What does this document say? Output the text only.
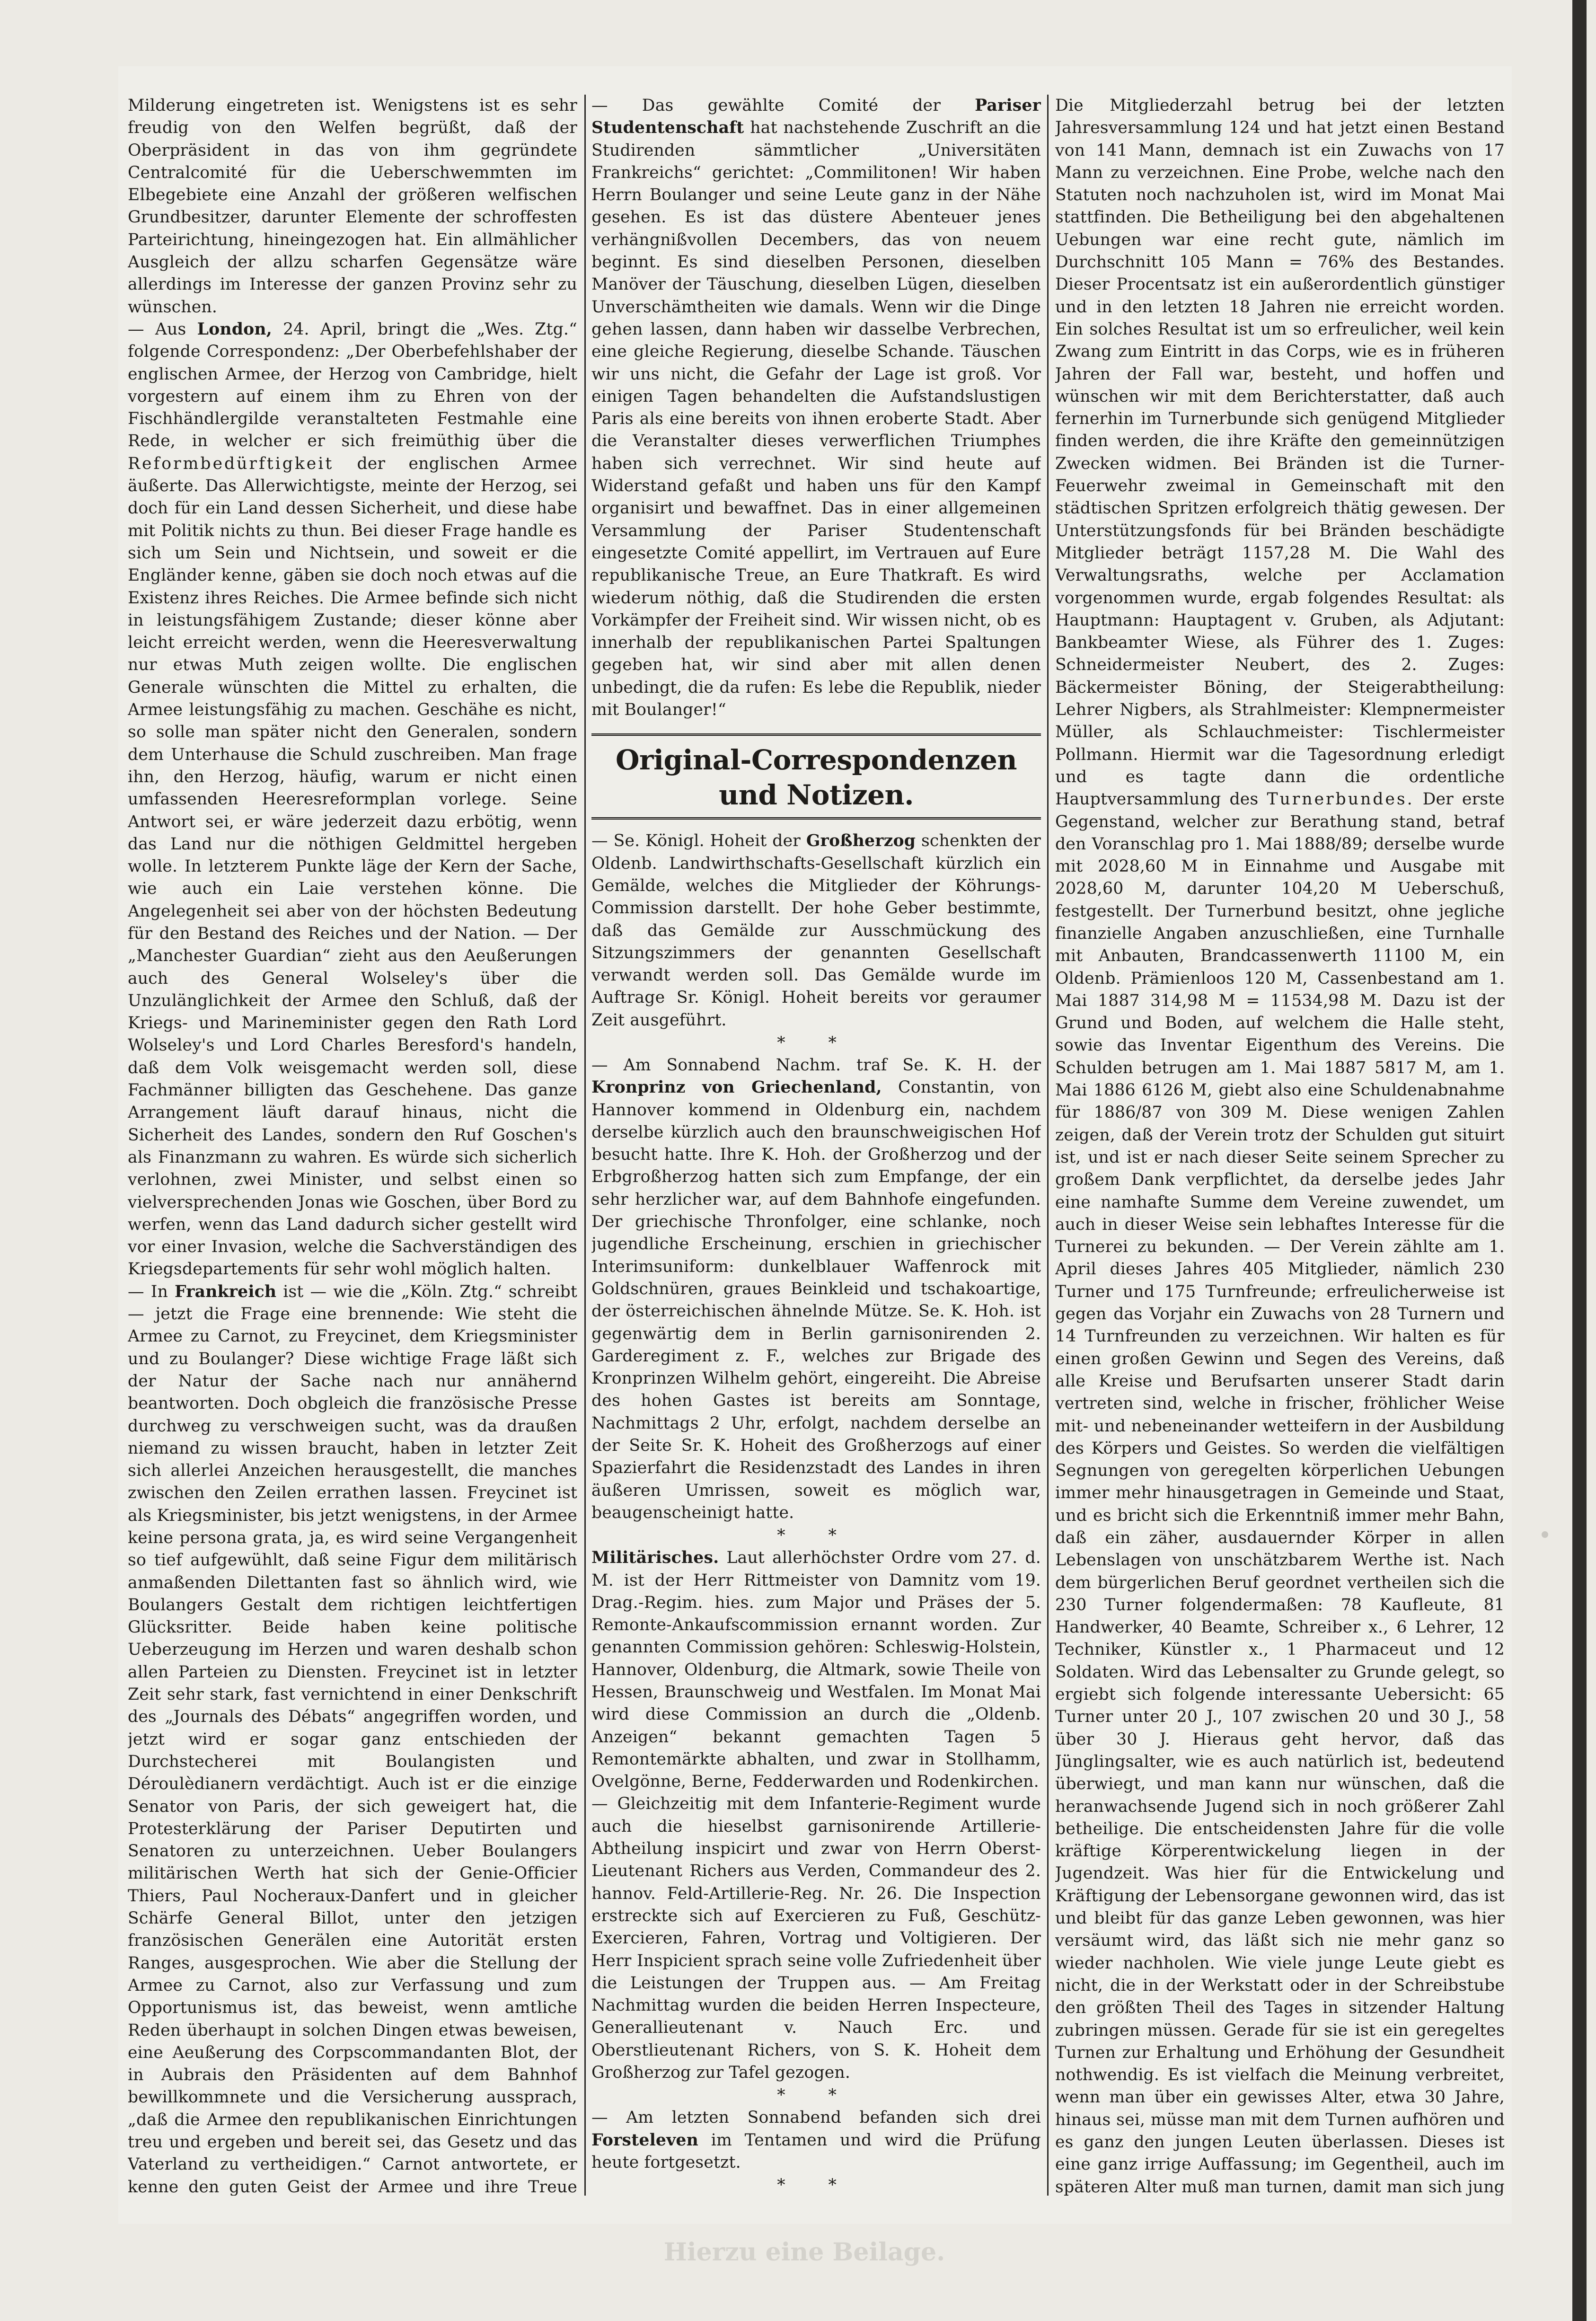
Milderung eingetreten ist. Wenigstens ist es sehr freudig von den Welfen begrüßt, daß der Oberpräsident in das von ihm gegründete Centralcomité für die Ueberschwemmten im Elbegebiete eine Anzahl der größeren welfischen Grundbesitzer, darunter Elemente der schroffesten Parteirichtung, hineingezogen hat. Ein allmählicher Ausgleich der allzu scharfen Gegensätze wäre allerdings im Interesse der ganzen Provinz sehr zu wünschen.

— Aus London, 24. April, bringt die „Wes. Ztg.“ folgende Correspondenz: „Der Oberbefehlshaber der englischen Armee, der Herzog von Cambridge, hielt vorgestern auf einem ihm zu Ehren von der Fischhändlergilde veranstalteten Festmahle eine Rede, in welcher er sich freimüthig über die Reformbedürftigkeit der englischen Armee äußerte. Das Allerwichtigste, meinte der Herzog, sei doch für ein Land dessen Sicherheit, und diese habe mit Politik nichts zu thun. Bei dieser Frage handle es sich um Sein und Nichtsein, und soweit er die Engländer kenne, gäben sie doch noch etwas auf die Existenz ihres Reiches. Die Armee befinde sich nicht in leistungsfähigem Zustande; dieser könne aber leicht erreicht werden, wenn die Heeresverwaltung nur etwas Muth zeigen wollte. Die englischen Generale wünschten die Mittel zu erhalten, die Armee leistungsfähig zu machen. Geschähe es nicht, so solle man später nicht den Generalen, sondern dem Unterhause die Schuld zuschreiben. Man frage ihn, den Herzog, häufig, warum er nicht einen umfassenden Heeresreformplan vorlege. Seine Antwort sei, er wäre jederzeit dazu erbötig, wenn das Land nur die nöthigen Geldmittel hergeben wolle. In letzterem Punkte läge der Kern der Sache, wie auch ein Laie verstehen könne. Die Angelegenheit sei aber von der höchsten Bedeutung für den Bestand des Reiches und der Nation. — Der „Manchester Guardian“ zieht aus den Aeußerungen auch des General Wolseley's über die Unzulänglichkeit der Armee den Schluß, daß der Kriegs- und Marineminister gegen den Rath Lord Wolseley's und Lord Charles Beresford's handeln, daß dem Volk weisgemacht werden soll, diese Fachmänner billigten das Geschehene. Das ganze Arrangement läuft darauf hinaus, nicht die Sicherheit des Landes, sondern den Ruf Goschen's als Finanzmann zu wahren. Es würde sich sicherlich verlohnen, zwei Minister, und selbst einen so vielversprechenden Jonas wie Goschen, über Bord zu werfen, wenn das Land dadurch sicher gestellt wird vor einer Invasion, welche die Sachverständigen des Kriegsdepartements für sehr wohl möglich halten.

— In Frankreich ist — wie die „Köln. Ztg.“ schreibt — jetzt die Frage eine brennende: Wie steht die Armee zu Carnot, zu Freycinet, dem Kriegsminister und zu Boulanger? Diese wichtige Frage läßt sich der Natur der Sache nach nur annähernd beantworten. Doch obgleich die französische Presse durchweg zu verschweigen sucht, was da draußen niemand zu wissen braucht, haben in letzter Zeit sich allerlei Anzeichen herausgestellt, die manches zwischen den Zeilen errathen lassen. Freycinet ist als Kriegsminister, bis jetzt wenigstens, in der Armee keine persona grata, ja, es wird seine Vergangenheit so tief aufgewühlt, daß seine Figur dem militärisch anmaßenden Dilettanten fast so ähnlich wird, wie Boulangers Gestalt dem richtigen leichtfertigen Glücksritter. Beide haben keine politische Ueberzeugung im Herzen und waren deshalb schon allen Parteien zu Diensten. Freycinet ist in letzter Zeit sehr stark, fast vernichtend in einer Denkschrift des „Journals des Débats“ angegriffen worden, und jetzt wird er sogar ganz entschieden der Durchstecherei mit Boulangisten und Déroulèdianern verdächtigt. Auch ist er die einzige Senator von Paris, der sich geweigert hat, die Protesterklärung der Pariser Deputirten und Senatoren zu unterzeichnen. Ueber Boulangers militärischen Werth hat sich der Genie-Officier Thiers, Paul Nocheraux-Danfert und in gleicher Schärfe General Billot, unter den jetzigen französischen Generälen eine Autorität ersten Ranges, ausgesprochen. Wie aber die Stellung der Armee zu Carnot, also zur Verfassung und zum Opportunismus ist, das beweist, wenn amtliche Reden überhaupt in solchen Dingen etwas beweisen, eine Aeußerung des Corpscommandanten Blot, der in Aubrais den Präsidenten auf dem Bahnhof bewillkommnete und die Versicherung aussprach, „daß die Armee den republikanischen Einrichtungen treu und ergeben und bereit sei, das Gesetz und das Vaterland zu vertheidigen.“ Carnot antwortete, er kenne den guten Geist der Armee und ihre Treue

— Das gewählte Comité der Pariser Studentenschaft hat nachstehende Zuschrift an die Studirenden sämmtlicher „Universitäten Frankreichs“ gerichtet: „Commilitonen! Wir haben Herrn Boulanger und seine Leute ganz in der Nähe gesehen. Es ist das düstere Abenteuer jenes verhängnißvollen Decembers, das von neuem beginnt. Es sind dieselben Personen, dieselben Manöver der Täuschung, dieselben Lügen, dieselben Unverschämtheiten wie damals. Wenn wir die Dinge gehen lassen, dann haben wir dasselbe Verbrechen, eine gleiche Regierung, dieselbe Schande. Täuschen wir uns nicht, die Gefahr der Lage ist groß. Vor einigen Tagen behandelten die Aufstandslustigen Paris als eine bereits von ihnen eroberte Stadt. Aber die Veranstalter dieses verwerflichen Triumphes haben sich verrechnet. Wir sind heute auf Widerstand gefaßt und haben uns für den Kampf organisirt und bewaffnet. Das in einer allgemeinen Versammlung der Pariser Studentenschaft eingesetzte Comité appellirt, im Vertrauen auf Eure republikanische Treue, an Eure Thatkraft. Es wird wiederum nöthig, daß die Studirenden die ersten Vorkämpfer der Freiheit sind. Wir wissen nicht, ob es innerhalb der republikanischen Partei Spaltungen gegeben hat, wir sind aber mit allen denen unbedingt, die da rufen: Es lebe die Republik, nieder mit Boulanger!“

Original-Correspondenzen und Notizen.

— Se. Königl. Hoheit der Großherzog schenkten der Oldenb. Landwirthschafts-Gesellschaft kürzlich ein Gemälde, welches die Mitglieder der Köhrungs-Commission darstellt. Der hohe Geber bestimmte, daß das Gemälde zur Ausschmückung des Sitzungszimmers der genannten Gesellschaft verwandt werden soll. Das Gemälde wurde im Auftrage Sr. Königl. Hoheit bereits vor geraumer Zeit ausgeführt.

* *

— Am Sonnabend Nachm. traf Se. K. H. der Kronprinz von Griechenland, Constantin, von Hannover kommend in Oldenburg ein, nachdem derselbe kürzlich auch den braunschweigischen Hof besucht hatte. Ihre K. Hoh. der Großherzog und der Erbgroßherzog hatten sich zum Empfange, der ein sehr herzlicher war, auf dem Bahnhofe eingefunden. Der griechische Thronfolger, eine schlanke, noch jugendliche Erscheinung, erschien in griechischer Interimsuniform: dunkelblauer Waffenrock mit Goldschnüren, graues Beinkleid und tschakoartige, der österreichischen ähnelnde Mütze. Se. K. Hoh. ist gegenwärtig dem in Berlin garnisonirenden 2. Garderegiment z. F., welches zur Brigade des Kronprinzen Wilhelm gehört, eingereiht. Die Abreise des hohen Gastes ist bereits am Sonntage, Nachmittags 2 Uhr, erfolgt, nachdem derselbe an der Seite Sr. K. Hoheit des Großherzogs auf einer Spazierfahrt die Residenzstadt des Landes in ihren äußeren Umrissen, soweit es möglich war, beaugenscheinigt hatte.

* *

Militärisches. Laut allerhöchster Ordre vom 27. d. M. ist der Herr Rittmeister von Damnitz vom 19. Drag.-Regim. hies. zum Major und Präses der 5. Remonte-Ankaufscommission ernannt worden. Zur genannten Commission gehören: Schleswig-Holstein, Hannover, Oldenburg, die Altmark, sowie Theile von Hessen, Braunschweig und Westfalen. Im Monat Mai wird diese Commission an durch die „Oldenb. Anzeigen“ bekannt gemachten Tagen 5 Remontemärkte abhalten, und zwar in Stollhamm, Ovelgönne, Berne, Fedderwarden und Rodenkirchen.

— Gleichzeitig mit dem Infanterie-Regiment wurde auch die hieselbst garnisonirende Artillerie-Abtheilung inspicirt und zwar von Herrn Oberst-Lieutenant Richers aus Verden, Commandeur des 2. hannov. Feld-Artillerie-Reg. Nr. 26. Die Inspection erstreckte sich auf Exercieren zu Fuß, Geschütz-Exercieren, Fahren, Vortrag und Voltigieren. Der Herr Inspicient sprach seine volle Zufriedenheit über die Leistungen der Truppen aus. — Am Freitag Nachmittag wurden die beiden Herren Inspecteure, Generallieutenant v. Nauch Erc. und Oberstlieutenant Richers, von S. K. Hoheit dem Großherzog zur Tafel gezogen.

* *

— Am letzten Sonnabend befanden sich drei Forsteleven im Tentamen und wird die Prüfung heute fortgesetzt.

* *

Die Mitgliederzahl betrug bei der letzten Jahresversammlung 124 und hat jetzt einen Bestand von 141 Mann, demnach ist ein Zuwachs von 17 Mann zu verzeichnen. Eine Probe, welche nach den Statuten noch nachzuholen ist, wird im Monat Mai stattfinden. Die Betheiligung bei den abgehaltenen Uebungen war eine recht gute, nämlich im Durchschnitt 105 Mann = 76% des Bestandes. Dieser Procentsatz ist ein außerordentlich günstiger und in den letzten 18 Jahren nie erreicht worden. Ein solches Resultat ist um so erfreulicher, weil kein Zwang zum Eintritt in das Corps, wie es in früheren Jahren der Fall war, besteht, und hoffen und wünschen wir mit dem Berichterstatter, daß auch fernerhin im Turnerbunde sich genügend Mitglieder finden werden, die ihre Kräfte den gemeinnützigen Zwecken widmen. Bei Bränden ist die Turner-Feuerwehr zweimal in Gemeinschaft mit den städtischen Spritzen erfolgreich thätig gewesen. Der Unterstützungsfonds für bei Bränden beschädigte Mitglieder beträgt 1157,28 M. Die Wahl des Verwaltungsraths, welche per Acclamation vorgenommen wurde, ergab folgendes Resultat: als Hauptmann: Hauptagent v. Gruben, als Adjutant: Bankbeamter Wiese, als Führer des 1. Zuges: Schneidermeister Neubert, des 2. Zuges: Bäckermeister Böning, der Steigerabtheilung: Lehrer Nigbers, als Strahlmeister: Klempnermeister Müller, als Schlauchmeister: Tischlermeister Pollmann. Hiermit war die Tagesordnung erledigt und es tagte dann die ordentliche Hauptversammlung des Turnerbundes. Der erste Gegenstand, welcher zur Berathung stand, betraf den Voranschlag pro 1. Mai 1888/89; derselbe wurde mit 2028,60 M in Einnahme und Ausgabe mit 2028,60 M, darunter 104,20 M Ueberschuß, festgestellt. Der Turnerbund besitzt, ohne jegliche finanzielle Angaben anzuschließen, eine Turnhalle mit Anbauten, Brandcassenwerth 11100 M, ein Oldenb. Prämienloos 120 M, Cassenbestand am 1. Mai 1887 314,98 M = 11534,98 M. Dazu ist der Grund und Boden, auf welchem die Halle steht, sowie das Inventar Eigenthum des Vereins. Die Schulden betrugen am 1. Mai 1887 5817 M, am 1. Mai 1886 6126 M, giebt also eine Schuldenabnahme für 1886/87 von 309 M. Diese wenigen Zahlen zeigen, daß der Verein trotz der Schulden gut situirt ist, und ist er nach dieser Seite seinem Sprecher zu großem Dank verpflichtet, da derselbe jedes Jahr eine namhafte Summe dem Vereine zuwendet, um auch in dieser Weise sein lebhaftes Interesse für die Turnerei zu bekunden. — Der Verein zählte am 1. April dieses Jahres 405 Mitglieder, nämlich 230 Turner und 175 Turnfreunde; erfreulicherweise ist gegen das Vorjahr ein Zuwachs von 28 Turnern und 14 Turnfreunden zu verzeichnen. Wir halten es für einen großen Gewinn und Segen des Vereins, daß alle Kreise und Berufsarten unserer Stadt darin vertreten sind, welche in frischer, fröhlicher Weise mit- und nebeneinander wetteifern in der Ausbildung des Körpers und Geistes. So werden die vielfältigen Segnungen von geregelten körperlichen Uebungen immer mehr hinausgetragen in Gemeinde und Staat, und es bricht sich die Erkenntniß immer mehr Bahn, daß ein zäher, ausdauernder Körper in allen Lebenslagen von unschätzbarem Werthe ist. Nach dem bürgerlichen Beruf geordnet vertheilen sich die 230 Turner folgendermaßen: 78 Kaufleute, 81 Handwerker, 40 Beamte, Schreiber x., 6 Lehrer, 12 Techniker, Künstler x., 1 Pharmaceut und 12 Soldaten. Wird das Lebensalter zu Grunde gelegt, so ergiebt sich folgende interessante Uebersicht: 65 Turner unter 20 J., 107 zwischen 20 und 30 J., 58 über 30 J. Hieraus geht hervor, daß das Jünglingsalter, wie es auch natürlich ist, bedeutend überwiegt, und man kann nur wünschen, daß die heranwachsende Jugend sich in noch größerer Zahl betheilige. Die entscheidensten Jahre für die volle kräftige Körperentwickelung liegen in der Jugendzeit. Was hier für die Entwickelung und Kräftigung der Lebensorgane gewonnen wird, das ist und bleibt für das ganze Leben gewonnen, was hier versäumt wird, das läßt sich nie mehr ganz so wieder nachholen. Wie viele junge Leute giebt es nicht, die in der Werkstatt oder in der Schreibstube den größten Theil des Tages in sitzender Haltung zubringen müssen. Gerade für sie ist ein geregeltes Turnen zur Erhaltung und Erhöhung der Gesundheit nothwendig. Es ist vielfach die Meinung verbreitet, wenn man über ein gewisses Alter, etwa 30 Jahre, hinaus sei, müsse man mit dem Turnen aufhören und es ganz den jungen Leuten überlassen. Dieses ist eine ganz irrige Auffassung; im Gegentheil, auch im späteren Alter muß man turnen, damit man sich jung

Hierzu eine Beilage.
